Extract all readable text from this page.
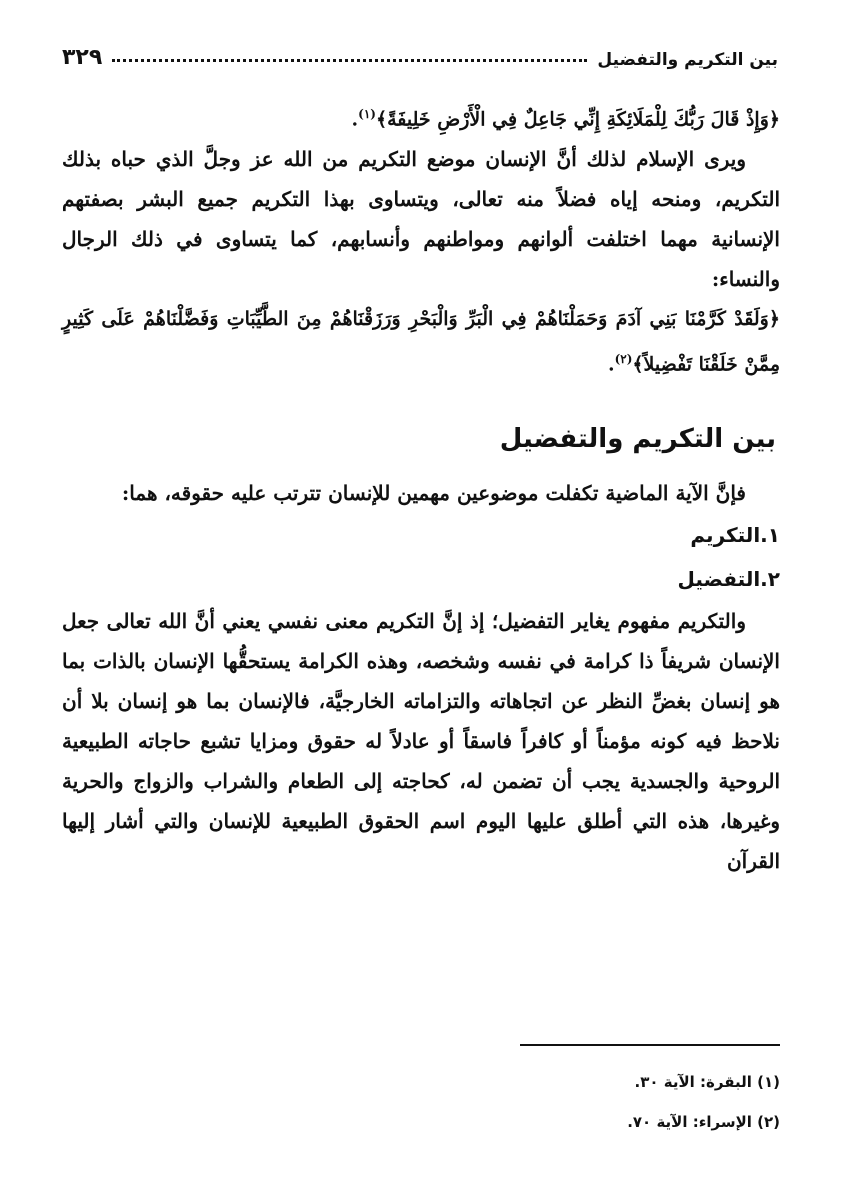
بين التكريم والتفضيل
٣٢٩

﴿وَإِذْ قَالَ رَبُّكَ لِلْمَلَائِكَةِ إِنِّي جَاعِلٌ فِي الْأَرْضِ خَلِيفَةً﴾$^{(١)}$.

ويرى الإسلام لذلك أنَّ الإنسان موضع التكريم من الله عز وجلَّ الذي حباه بذلك التكريم، ومنحه إياه فضلاً منه تعالى، ويتساوى بهذا التكريم جميع البشر بصفتهم الإنسانية مهما اختلفت ألوانهم ومواطنهم وأنسابهم، كما يتساوى في ذلك الرجال والنساء:

﴿وَلَقَدْ كَرَّمْنَا بَنِي آدَمَ وَحَمَلْنَاهُمْ فِي الْبَرِّ وَالْبَحْرِ وَرَزَقْنَاهُمْ مِنَ الطَّيِّبَاتِ وَفَضَّلْنَاهُمْ عَلَى كَثِيرٍ مِمَّنْ خَلَقْنَا تَفْضِيلاً﴾$^{(٢)}$.

بين التكريم والتفضيل

فإنَّ الآية الماضية تكفلت موضوعين مهمين للإنسان تترتب عليه حقوقه، هما:

١.التكريم
٢.التفضيل

والتكريم مفهوم يغاير التفضيل؛ إذ إنَّ التكريم معنى نفسي يعني أنَّ الله تعالى جعل الإنسان شريفاً ذا كرامة في نفسه وشخصه، وهذه الكرامة يستحقُّها الإنسان بالذات بما هو إنسان بغضِّ النظر عن اتجاهاته والتزاماته الخارجيَّة، فالإنسان بما هو إنسان بلا أن نلاحظ فيه كونه مؤمناً أو كافراً فاسقاً أو عادلاً له حقوق ومزايا تشبع حاجاته الطبيعية الروحية والجسدية يجب أن تضمن له، كحاجته إلى الطعام والشراب والزواج والحرية وغيرها، هذه التي أطلق عليها اليوم اسم الحقوق الطبيعية للإنسان والتي أشار إليها القرآن

(١) البقرة: الآية ٣٠.
(٢) الإسراء: الآية ٧٠.
